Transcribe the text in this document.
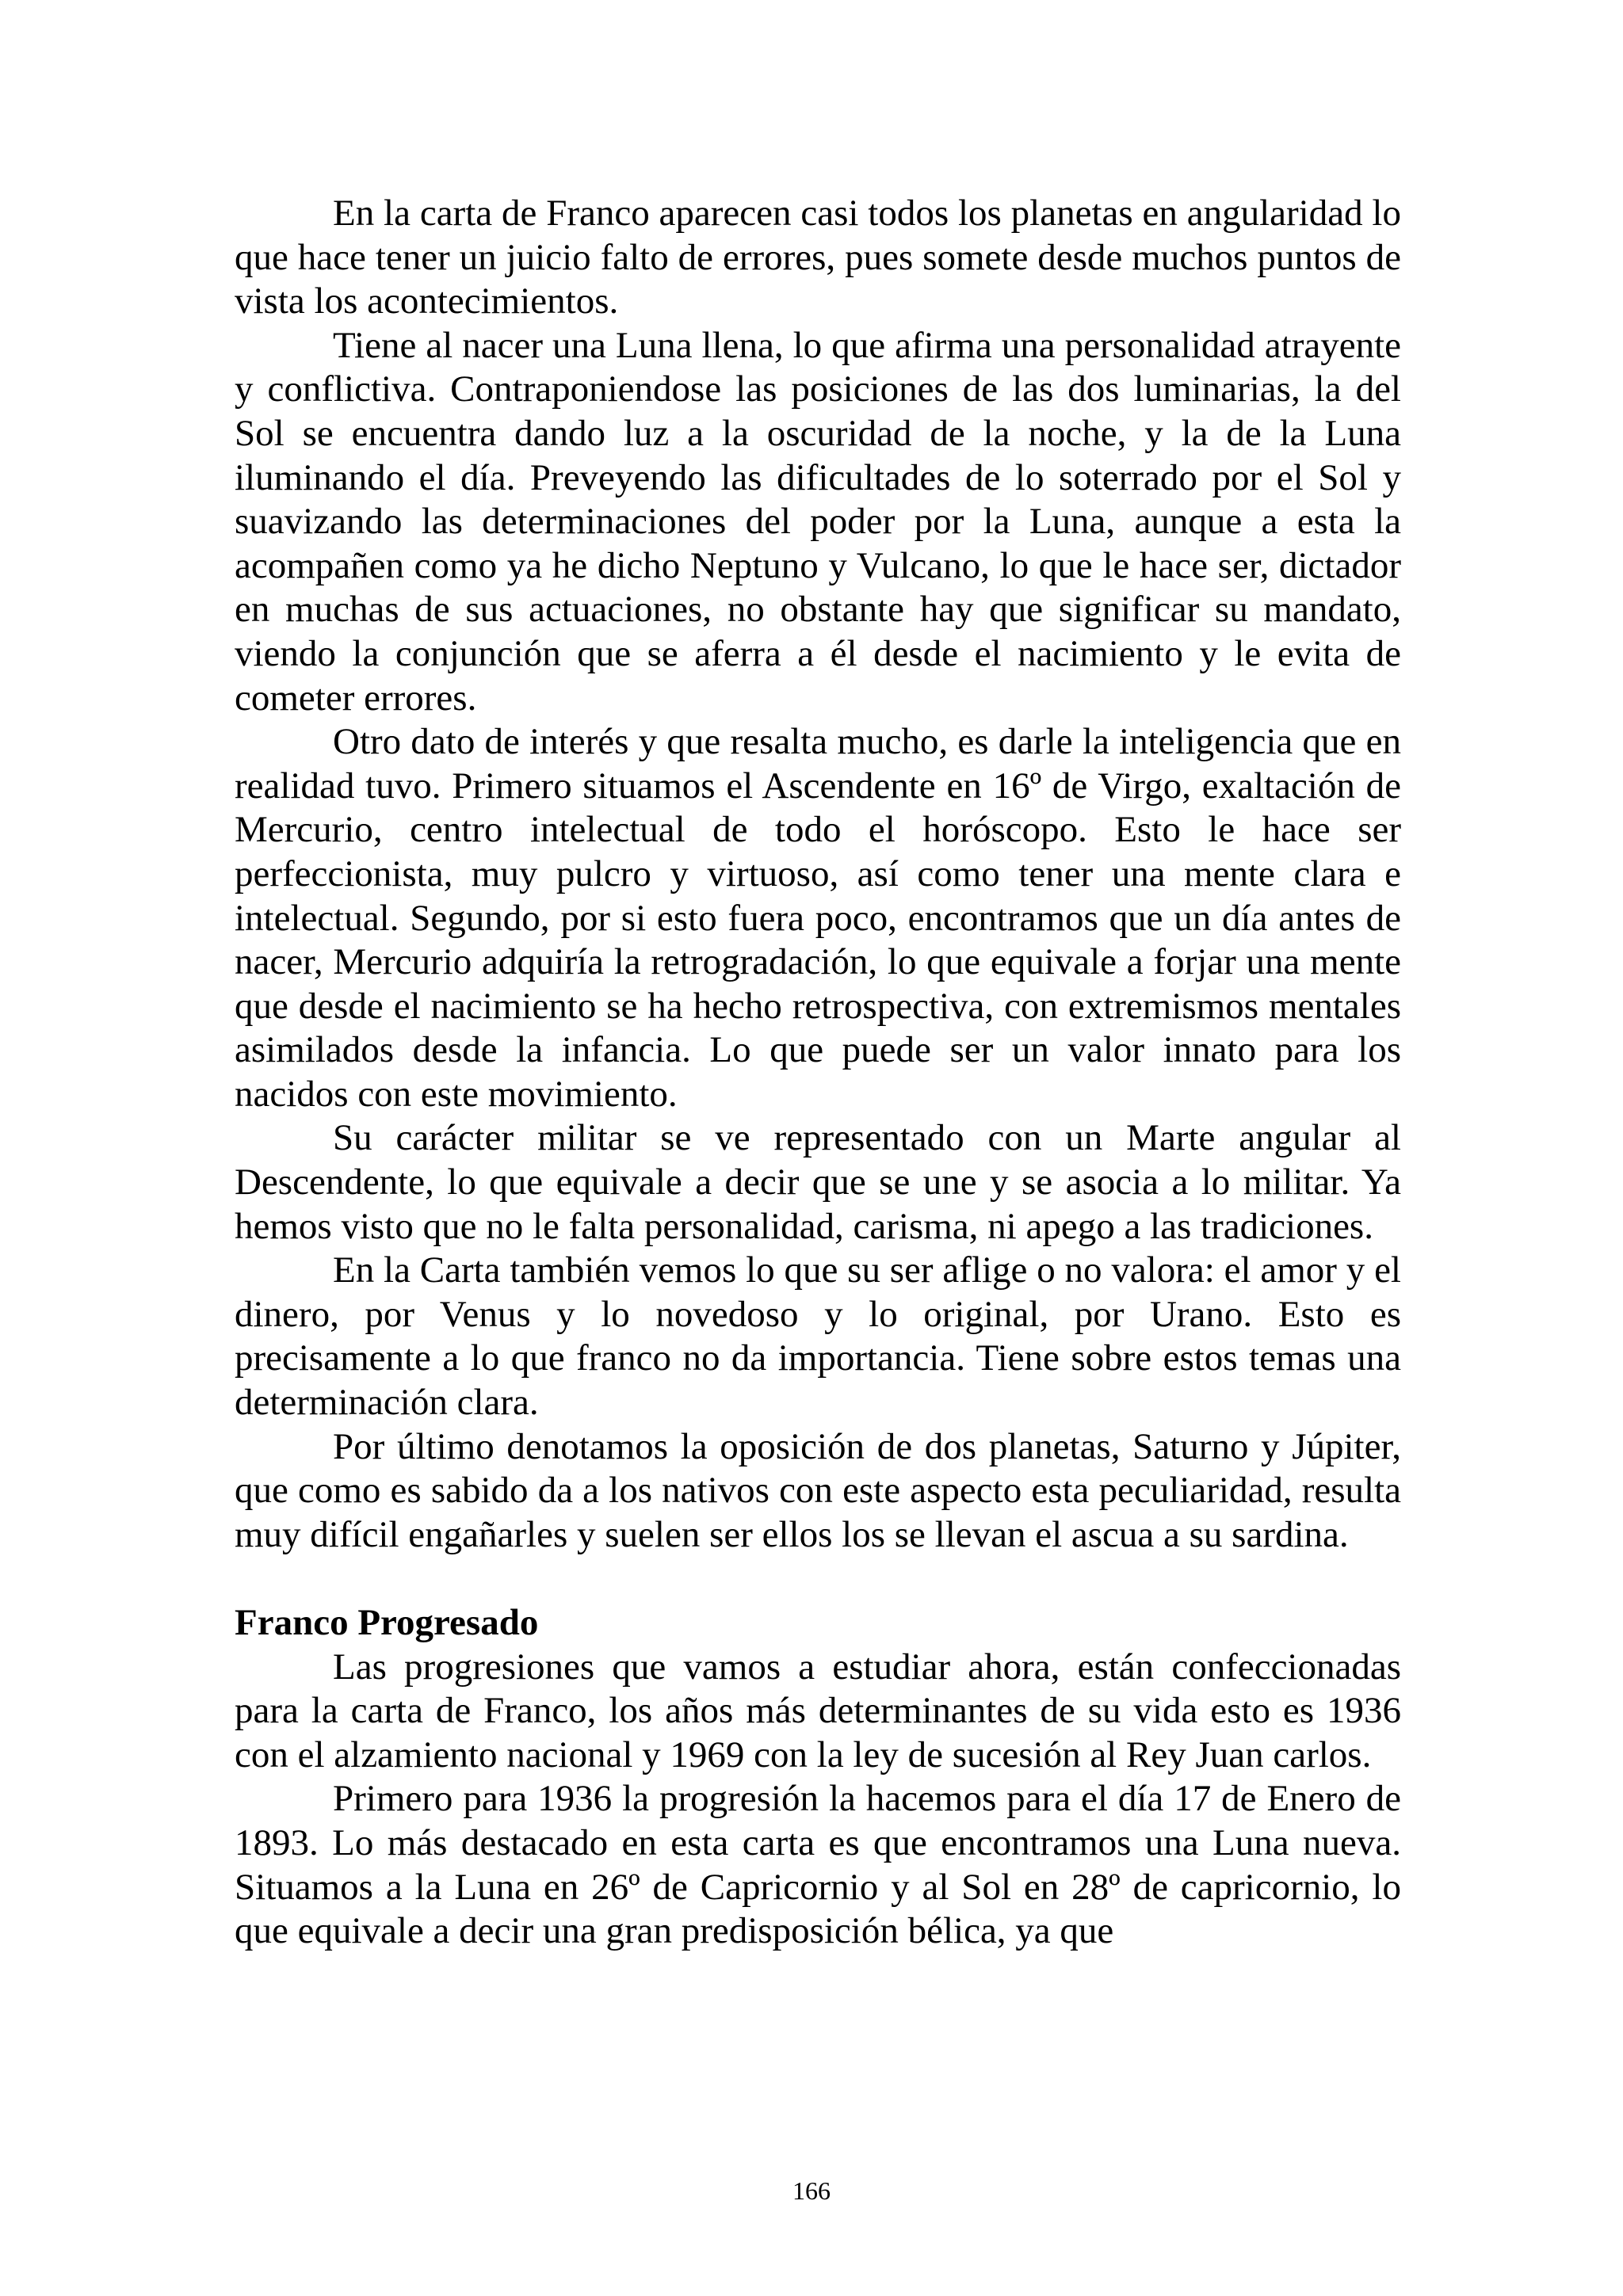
En la carta de Franco aparecen casi todos los planetas en angularidad lo que hace tener un juicio falto de errores, pues somete desde muchos puntos de vista los acontecimientos.

Tiene al nacer una Luna llena, lo que afirma una personalidad atrayente y conflictiva. Contraponiendose las posiciones de las dos luminarias, la del Sol se encuentra dando luz a la oscuridad de la noche, y la de la Luna iluminando el día. Preveyendo las dificultades de lo soterrado por el Sol y suavizando las determinaciones del poder por la Luna, aunque a esta la acompañen como ya he dicho Neptuno y Vulcano, lo que le hace ser, dictador en muchas de sus actuaciones, no obstante hay que significar su mandato, viendo la conjunción que se aferra a él desde el nacimiento y le evita de cometer errores.

Otro dato de interés y que resalta mucho, es darle la inteligencia que en realidad tuvo. Primero situamos el Ascendente en 16º de Virgo, exaltación de Mercurio, centro intelectual de todo el horóscopo. Esto le hace ser perfeccionista, muy pulcro y virtuoso, así como tener una mente clara e intelectual. Segundo, por si esto fuera poco, encontramos que un día antes de nacer, Mercurio adquiría la retrogradación, lo que equivale a forjar una mente que desde el nacimiento se ha hecho retrospectiva, con extremismos mentales asimilados desde la infancia. Lo que puede ser un valor innato para los nacidos con este movimiento.

Su carácter militar se ve representado con un Marte angular al Descendente, lo que equivale a decir que se une y se asocia a lo militar. Ya hemos visto que no le falta personalidad, carisma, ni apego a las tradiciones.

En la Carta también vemos lo que su ser aflige o no valora: el amor y el dinero, por Venus y lo novedoso y lo original, por Urano. Esto es precisamente a lo que franco no da importancia. Tiene sobre estos temas una determinación clara.

Por último denotamos la oposición de dos planetas, Saturno y Júpiter, que como es sabido da a los nativos con este aspecto esta peculiaridad, resulta muy difícil engañarles y suelen ser ellos los se llevan el ascua a su sardina.

Franco Progresado

Las progresiones que vamos a estudiar ahora, están confeccionadas para la carta de Franco, los años más determinantes de su vida esto es 1936 con el alzamiento nacional y 1969 con la ley de sucesión al Rey Juan carlos.

Primero para 1936 la progresión la hacemos para el día 17 de Enero de 1893. Lo más destacado en esta carta es que encontramos una Luna nueva. Situamos a la Luna en 26º de Capricornio y al Sol en 28º de capricornio, lo que equivale a decir una gran predisposición bélica, ya que

166
